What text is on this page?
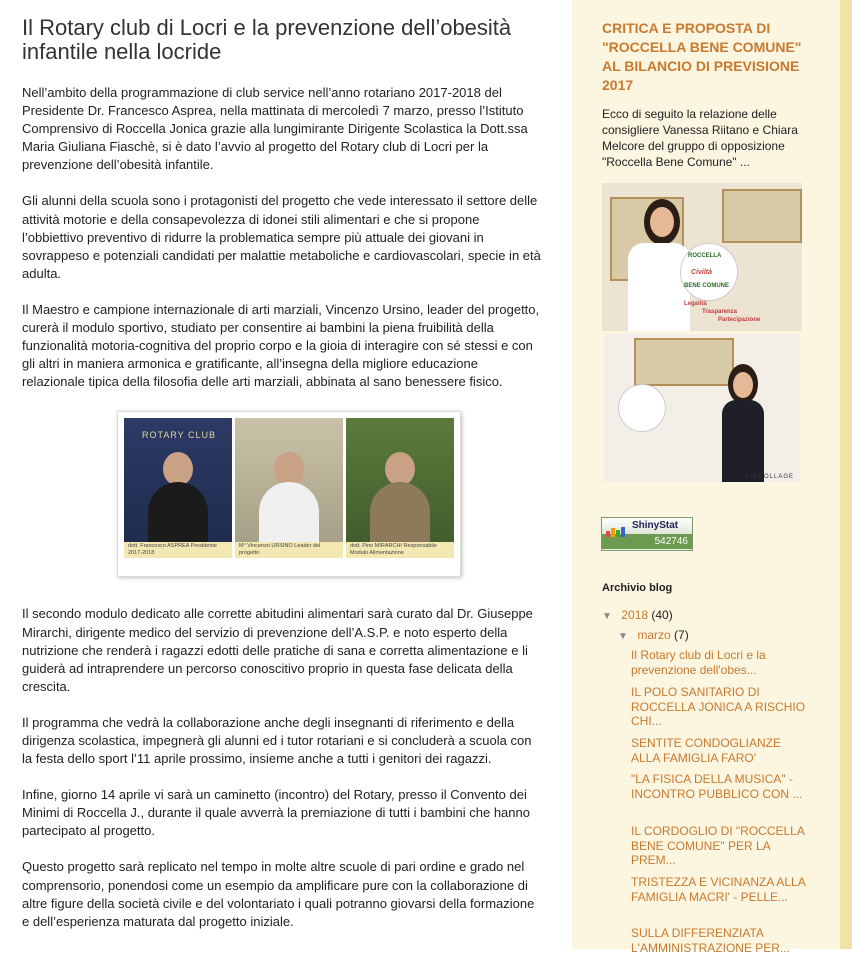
Il Rotary club di Locri e la prevenzione dell’obesità infantile nella locride

Nell’ambito della programmazione di club service nell’anno rotariano 2017-2018 del Presidente Dr. Francesco Asprea, nella mattinata di mercoledì 7 marzo, presso l’Istituto Comprensivo di Roccella Jonica grazie alla lungimirante Dirigente Scolastica la Dott.ssa Maria Giuliana Fiaschè, si è dato l’avvio al progetto del Rotary club di Locri per la prevenzione dell’obesità infantile.

Gli alunni della scuola sono i protagonisti del progetto che vede interessato il settore delle attività motorie e della consapevolezza di idonei stili alimentari e che si propone l’obbiettivo preventivo di ridurre la problematica sempre più attuale dei giovani in sovrappeso e potenziali candidati per malattie metaboliche e cardiovascolari, specie in età adulta.

Il Maestro e campione internazionale di arti marziali, Vincenzo Ursino, leader del progetto, curerà il modulo sportivo, studiato per consentire ai bambini la piena fruibilità della funzionalità motoria-cognitiva del proprio corpo e la gioia di interagire con sé stessi e con gli altri in maniera armonica e gratificante, all’insegna della migliore educazione relazionale tipica della filosofia delle arti marziali, abbinata al sano benessere fisico.

ROTARY CLUB
dott. Francesco ASPREA Presidente 2017-2018
M° Vincenzo URSINO Leader del progetto
dott. Pino MIRARCHI Responsabile Modulo Alimentazione

Il secondo modulo dedicato alle corrette abitudini alimentari sarà curato dal Dr. Giuseppe Mirarchi, dirigente medico del servizio di prevenzione dell’A.S.P. e noto esperto della nutrizione che renderà i ragazzi edotti delle pratiche di sana e corretta alimentazione e li guiderà ad intraprendere un percorso conoscitivo proprio in questa fase delicata della crescita.

Il programma che vedrà la collaborazione anche degli insegnanti di riferimento e della dirigenza scolastica, impegnerà gli alunni ed i tutor rotariani e si concluderà a scuola con la festa dello sport l’11 aprile prossimo, insieme anche a tutti i genitori dei ragazzi.

Infine, giorno 14 aprile vi sarà un caminetto (incontro) del Rotary, presso il Convento dei Minimi di Roccella J., durante il quale avverrà la premiazione di tutti i bambini che hanno partecipato al progetto.

Questo progetto sarà replicato nel tempo in molte altre scuole di pari ordine e grado nel comprensorio, ponendosi come un esempio da amplificare pure con la collaborazione di altre figure della società civile e del volontariato i quali potranno giovarsi della formazione e dell’esperienza maturata dal progetto iniziale.

CRITICA E PROPOSTA DI "ROCCELLA BENE COMUNE" AL BILANCIO DI PREVISIONE 2017
Ecco di seguito la relazione delle consigliere Vanessa Riitano e Chiara Melcore del gruppo di opposizione "Roccella Bene Comune" ...
ROCCELLA
Civiltà
BENE COMUNE
Legalità
Trasparenza
Partecipazione
PICCOLLAGE
ShinyStat
542746
Archivio blog
▼ 2018 (40)
▼ marzo (7)
Il Rotary club di Locri e la prevenzione dell'obes...
IL POLO SANITARIO DI ROCCELLA JONICA A RISCHIO CHI...
SENTITE CONDOGLIANZE ALLA FAMIGLIA FARO'
"LA FISICA DELLA MUSICA" - INCONTRO PUBBLICO CON ...
IL CORDOGLIO DI "ROCCELLA BENE COMUNE" PER LA PREM...
TRISTEZZA E VICINANZA ALLA FAMIGLIA MACRI' - PELLE...
SULLA DIFFERENZIATA L'AMMINISTRAZIONE PER...
